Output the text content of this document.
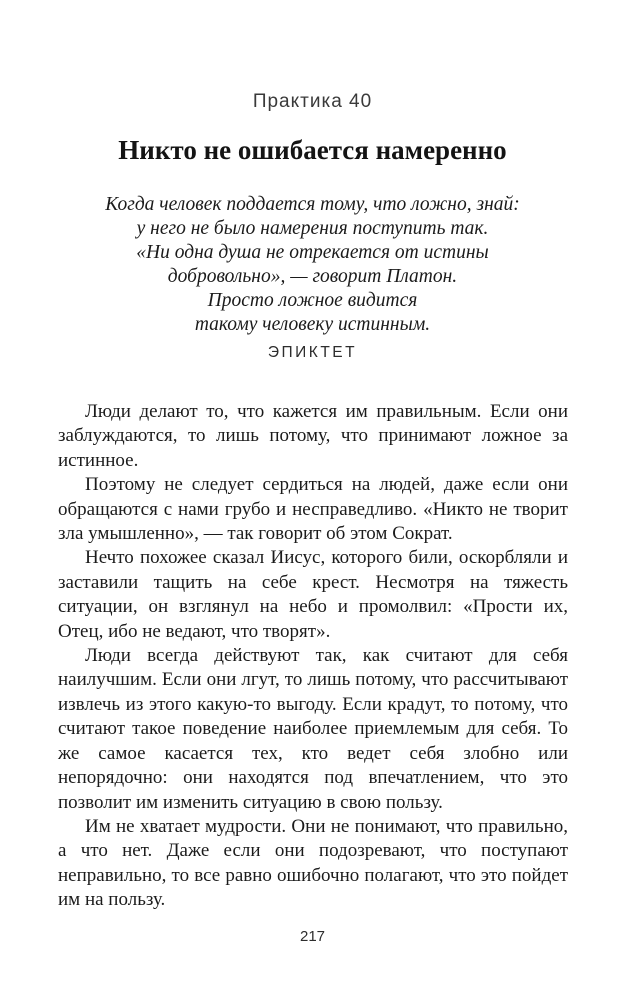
Практика 40
Никто не ошибается намеренно
Когда человек поддается тому, что ложно, знай:
у него не было намерения поступить так.
«Ни одна душа не отрекается от истины
добровольно», — говорит Платон.
Просто ложное видится
такому человеку истинным.
ЭПИКТЕТ

Люди делают то, что кажется им правильным. Если они заблуждаются, то лишь потому, что принимают ложное за истинное.

Поэтому не следует сердиться на людей, даже если они обращаются с нами грубо и несправедливо. «Никто не творит зла умышленно», — так говорит об этом Сократ.

Нечто похожее сказал Иисус, которого били, оскорбляли и заставили тащить на себе крест. Несмотря на тяжесть ситуации, он взглянул на небо и промолвил: «Прости их, Отец, ибо не ведают, что творят».

Люди всегда действуют так, как считают для себя наилучшим. Если они лгут, то лишь потому, что рассчитывают извлечь из этого какую-то выгоду. Если крадут, то потому, что считают такое поведение наиболее приемлемым для себя. То же самое касается тех, кто ведет себя злобно или непорядочно: они находятся под впечатлением, что это позволит им изменить ситуацию в свою пользу.

Им не хватает мудрости. Они не понимают, что правильно, а что нет. Даже если они подозревают, что поступают неправильно, то все равно ошибочно полагают, что это пойдет им на пользу.

217
